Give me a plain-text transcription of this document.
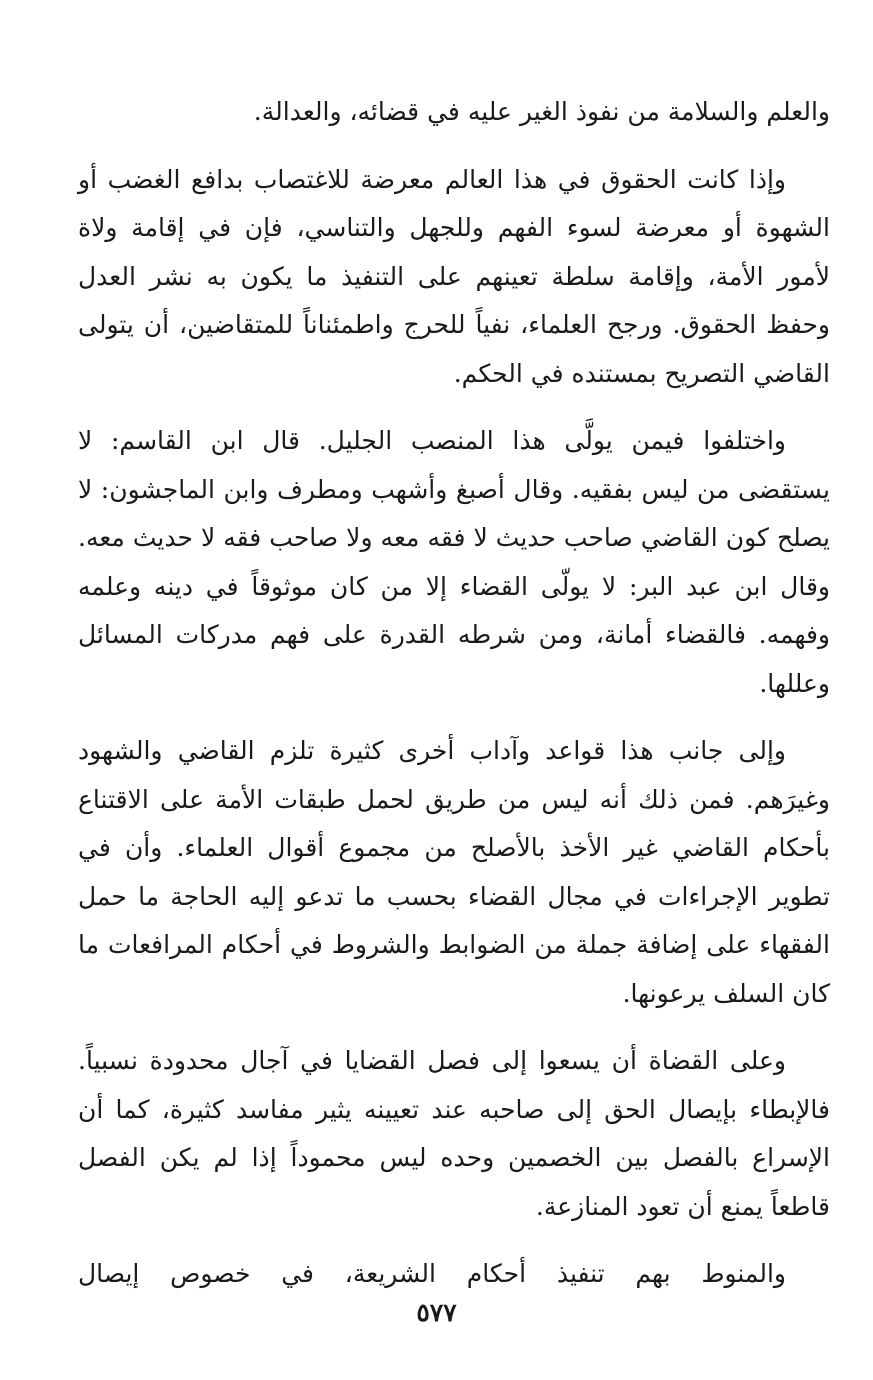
والعلم والسلامة من نفوذ الغير عليه في قضائه، والعدالة.

وإذا كانت الحقوق في هذا العالم معرضة للاغتصاب بدافع الغضب أو الشهوة أو معرضة لسوء الفهم وللجهل والتناسي، فإن في إقامة ولاة لأمور الأمة، وإقامة سلطة تعينهم على التنفيذ ما يكون به نشر العدل وحفظ الحقوق. ورجح العلماء، نفياً للحرج واطمئناناً للمتقاضين، أن يتولى القاضي التصريح بمستنده في الحكم.

واختلفوا فيمن يولَّى هذا المنصب الجليل. قال ابن القاسم: لا يستقضى من ليس بفقيه. وقال أصبغ وأشهب ومطرف وابن الماجشون: لا يصلح كون القاضي صاحب حديث لا فقه معه ولا صاحب فقه لا حديث معه. وقال ابن عبد البر: لا يولّى القضاء إلا من كان موثوقاً في دينه وعلمه وفهمه. فالقضاء أمانة، ومن شرطه القدرة على فهم مدركات المسائل وعللها.

وإلى جانب هذا قواعد وآداب أخرى كثيرة تلزم القاضي والشهود وغيرَهم. فمن ذلك أنه ليس من طريق لحمل طبقات الأمة على الاقتناع بأحكام القاضي غير الأخذ بالأصلح من مجموع أقوال العلماء. وأن في تطوير الإجراءات في مجال القضاء بحسب ما تدعو إليه الحاجة ما حمل الفقهاء على إضافة جملة من الضوابط والشروط في أحكام المرافعات ما كان السلف يرعونها.

وعلى القضاة أن يسعوا إلى فصل القضايا في آجال محدودة نسبياً. فالإبطاء بإيصال الحق إلى صاحبه عند تعيينه يثير مفاسد كثيرة، كما أن الإسراع بالفصل بين الخصمين وحده ليس محموداً إذا لم يكن الفصل قاطعاً يمنع أن تعود المنازعة.

والمنوط بهم تنفيذ أحكام الشريعة، في خصوص إيصال

٥٧٧
